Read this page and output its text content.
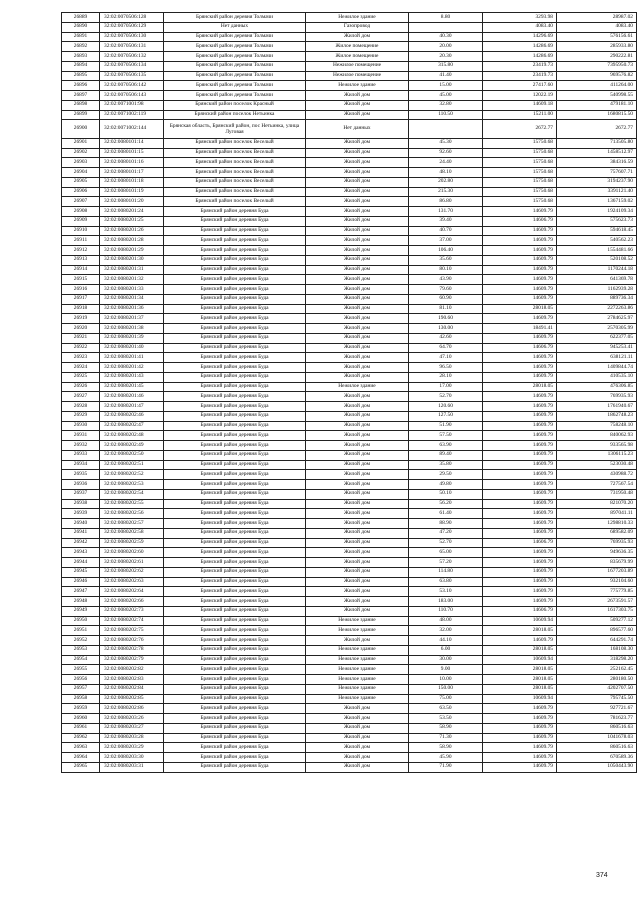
26889	32:02:0070506:128	Брянский район деревня Толмачи	Нежилое здание	8.80	3293.98	28987.02
26890	32:02:0070506:129	Нет данных	Газопровод		4083.40	4083.40
26891	32:02:0070506:130	Брянский район деревня Толмачи	Жилой дом	40.30	14296.69	576156.61
26892	32:02:0070506:131	Брянский район деревня Толмачи	Жилое помещение	20.00	14286.69	285933.80
26893	32:02:0070506:132	Брянский район деревня Толмачи	Жилое помещение	20.30	14286.69	290222.81
26894	32:02:0070506:134	Брянский район деревня Толмачи	Нежилое помещение	315.80	23419.73	7395950.73
26895	32:02:0070506:135	Брянский район деревня Толмачи	Нежилое помещение	41.40	23419.73	969576.82
26896	32:02:0070506:142	Брянский район деревня Толмачи	Нежилое здание	15.00	27417.60	411264.00
26897	32:02:0070506:143	Брянский район деревня Толмачи	Жилой дом	45.00	12022.19	540998.55
26898	32:02:0071001:98	Брянский район поселок Красный	Жилой дом	32.80	14609.18	479181.10
26899	32:02:0071002:119	Брянский район поселок Нетьинка	Жилой дом	110.50	15211.00	1680815.50
26900	32:02:0071002:144	Брянская область, Брянский район, пос Нетьинка, улица Луговая	Нет данных		2672.77	2672.77
26901	32:02:0080101:14	Брянский район поселок Веселый	Жилой дом	45.30	15750.68	713505.80
26902	32:02:0080101:15	Брянский район поселок Веселый	Жилой дом	92.60	15750.68	1458512.97
26903	32:02:0080101:16	Брянский район поселок Веселый	Жилой дом	24.40	15750.68	384316.59
26904	32:02:0080101:17	Брянский район поселок Веселый	Жилой дом	48.10	15750.68	757607.71
26905	32:02:0080101:18	Брянский район поселок Веселый	Жилой дом	202.80	15750.68	3194237.90
26906	32:02:0080101:19	Брянский район поселок Веселый	Жилой дом	215.30	15750.68	3391121.40
26907	32:02:0080101:20	Брянский район поселок Веселый	Жилой дом	86.80	15750.68	1367159.02
26908	32:02:0080201:24	Брянский район деревня Буда	Жилой дом	131.70	14609.79	1924109.34
26909	32:02:0080201:25	Брянский район деревня Буда	Жилой дом	39.40	14606.79	575623.73
26910	32:02:0080201:26	Брянский район деревня Буда	Жилой дом	40.70	14609.79	594618.45
26911	32:02:0080201:28	Брянский район деревня Буда	Жилой дом	37.00	14609.79	540562.23
26912	32:02:0080201:29	Брянский район деревня Буда	Жилой дом	106.40	14609.79	1554481.66
26913	32:02:0080201:30	Брянский район деревня Буда	Жилой дом	35.60	14609.79	520108.52
26914	32:02:0080201:31	Брянский район деревня Буда	Жилой дом	80.10	14609.79	1170244.18
26915	32:02:0080201:32	Брянский район деревня Буда	Жилой дом	43.90	14609.79	641369.78
26916	32:02:0080201:33	Брянский район деревня Буда	Жилой дом	79.60	14609.79	1162939.28
26917	32:02:0080201:34	Брянский район деревня Буда	Жилой дом	60.90	14609.79	889736.34
26918	32:02:0080201:36	Брянский район деревня Буда	Жилой дом	81.10	28018.05	2272263.86
26919	32:02:0080201:37	Брянский район деревня Буда	Жилой дом	190.60	14609.79	2784625.97
26920	32:02:0080201:38	Брянский район деревня Буда	Жилой дом	130.00	18491.41	2570305.99
26921	32:02:0080201:39	Брянский район деревня Буда	Жилой дом	42.60	14609.79	622377.05
26922	32:02:0080201:40	Брянский район деревня Буда	Жилой дом	64.70	14606.79	945253.41
26923	32:02:0080201:41	Брянский район деревня Буда	Жилой дом	47.10	14609.79	638121.11
26924	32:02:0080201:42	Брянский район деревня Буда	Жилой дом	96.50	14609.79	1409844.74
26925	32:02:0080201:43	Брянский район деревня Буда	Жилой дом	28.10	14609.79	410535.10
26926	32:02:0080201:45	Брянский район деревня Буда	Нежилое здание	17.00	28018.05	476306.85
26927	32:02:0080201:46	Брянский район деревня Буда	Жилой дом	52.70	14609.79	769935.93
26928	32:02:0080201:47	Брянский район деревня Буда	Жилой дом	120.60	14609.79	1761940.67
26929	32:02:0080202:46	Брянский район деревня Буда	Жилой дом	127.50	14609.79	1862748.23
26930	32:02:0080202:47	Брянский район деревня Буда	Жилой дом	51.90	14609.79	758248.10
26931	32:02:0080202:48	Брянский район деревня Буда	Жилой дом	57.50	14609.79	840062.93
26932	32:02:0080202:49	Брянский район деревня Буда	Жилой дом	63.90	14609.79	933565.98
26933	32:02:0080202:50	Брянский район деревня Буда	Жилой дом	89.40	14609.79	1306115.23
26934	32:02:0080202:51	Брянский район деревня Буда	Жилой дом	35.80	14609.79	523030.48
26935	32:02:0080202:52	Брянский район деревня Буда	Жилой дом	29.50	14609.79	430988.72
26936	32:02:0080202:53	Брянский район деревня Буда	Жилой дом	49.80	14609.79	727567.54
26937	32:02:0080202:54	Брянский район деревня Буда	Жилой дом	50.10	14609.79	731950.48
26938	32:02:0080202:55	Брянский район деревня Буда	Жилой дом	56.20	14609.79	821070.20
26939	32:02:0080202:56	Брянский район деревня Буда	Жилой дом	61.40	14609.79	897041.11
26940	32:02:0080202:57	Брянский район деревня Буда	Жилой дом	88.90	14609.79	1298810.33
26941	32:02:0080202:58	Брянский район деревня Буда	Жилой дом	47.20	14609.79	689582.09
26942	32:02:0080202:59	Брянский район деревня Буда	Жилой дом	52.70	14606.79	769935.93
26943	32:02:0080202:60	Брянский район деревня Буда	Жилой дом	65.00	14609.79	949636.35
26944	32:02:0080202:61	Брянский район деревня Буда	Жилой дом	57.20	14609.79	835679.99
26945	32:02:0080202:62	Брянский район деревня Буда	Жилой дом	114.80	14609.79	1677203.89
26946	32:02:0080202:63	Брянский район деревня Буда	Жилой дом	63.80	14609.79	932104.60
26947	32:02:0080202:64	Брянский район деревня Буда	Жилой дом	53.10	14609.79	775779.85
26948	32:02:0080202:66	Брянский район деревня Буда	Жилой дом	183.00	14609.79	2673591.57
26949	32:02:0080202:73	Брянский район деревня Буда	Жилой дом	110.70	14606.79	1617303.75
26950	32:02:0080202:74	Брянский район деревня Буда	Нежилое здание	48.00	10609.94	509277.12
26951	32:02:0080202:75	Брянский район деревня Буда	Нежилое здание	32.00	28018.05	896577.60
26952	32:02:0080202:76	Брянский район деревня Буда	Жилой дом	44.10	14609.79	644291.74
26953	32:02:0080202:78	Брянский район деревня Буда	Нежилое здание	6.00	28018.05	168108.30
26954	32:02:0080202:79	Брянский район деревня Буда	Нежилое здание	30.00	10609.94	318298.20
26955	32:02:0080202:82	Брянский район деревня Буда	Нежилое здание	9.00	28018.05	252162.45
26956	32:02:0080202:83	Брянский район деревня Буда	Нежилое здание	10.00	28018.05	280180.50
26957	32:02:0080202:84	Брянский район деревня Буда	Нежилое здание	150.00	28018.05	4202707.50
26958	32:02:0080202:85	Брянский район деревня Буда	Нежилое здание	75.00	10609.94	795745.50
26959	32:02:0080202:86	Брянский район деревня Буда	Жилой дом	63.50	14609.79	927721.67
26960	32:02:0080203:26	Брянский район деревня Буда	Жилой дом	53.50	14609.79	781623.77
26961	32:02:0080203:27	Брянский район деревня Буда	Жилой дом	58.90	14609.79	860516.63
26962	32:02:0080203:28	Брянский район деревня Буда	Жилой дом	71.30	14609.79	1041678.03
26963	32:02:0080203:29	Брянский район деревня Буда	Жилой дом	58.90	14609.79	860516.63
26964	32:02:0080203:30	Брянский район деревня Буда	Жилой дом	45.90	14609.79	670589.36
26965	32:02:0080203:31	Брянский район деревня Буда	Жилой дом	71.90	14609.79	1050443.90
374
